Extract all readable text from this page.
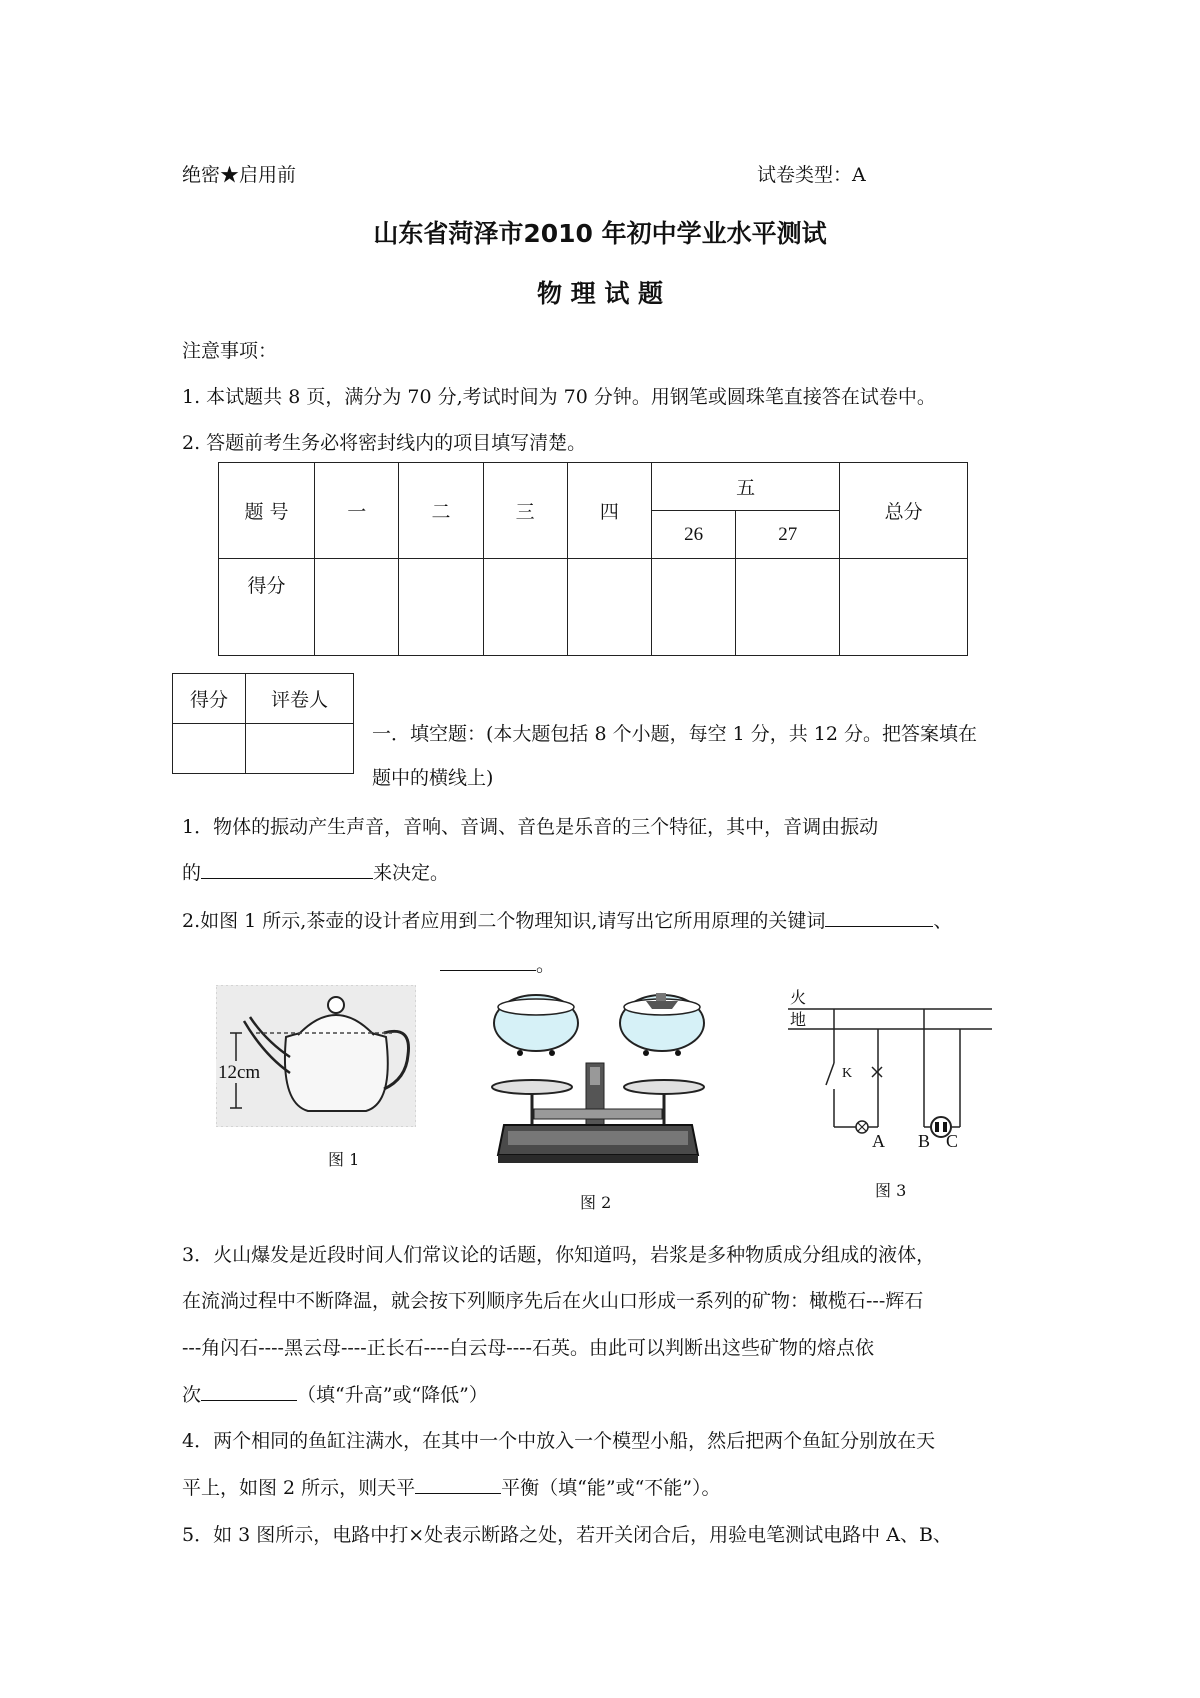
绝密★启用前	试卷类型：A
山东省菏泽市2010 年初中学业水平测试
物 理 试 题
注意事项：
1. 本试题共 8 页，满分为 70 分,考试时间为 70 分钟。用钢笔或圆珠笔直接答在试卷中。
2. 答题前考生务必将密封线内的项目填写清楚。
题 号	一	二	三	四	五		总分
					26	27	
得分							
得分	评卷人

一．填空题：(本大题包括 8 个小题，每空 1 分，共 12 分。把答案填在
题中的横线上)
1．物体的振动产生声音，音响、音调、音色是乐音的三个特征，其中，音调由振动
的	来决定。
2.如图 1 所示,茶壶的设计者应用到二个物理知识,请写出它所用原理的关键词	、
。
12cm
图 1
图 2
火
地
K
A B C
图 3
3．火山爆发是近段时间人们常议论的话题，你知道吗，岩浆是多种物质成分组成的液体，
在流淌过程中不断降温，就会按下列顺序先后在火山口形成一系列的矿物：橄榄石---辉石
---角闪石----黑云母----正长石----白云母----石英。由此可以判断出这些矿物的熔点依
次	（填“升高”或“降低”）
4．两个相同的鱼缸注满水，在其中一个中放入一个模型小船，然后把两个鱼缸分别放在天
平上，如图 2 所示，则天平	平衡（填“能”或“不能”）。
5．如 3 图所示，电路中打×处表示断路之处，若开关闭合后，用验电笔测试电路中 A、B、
